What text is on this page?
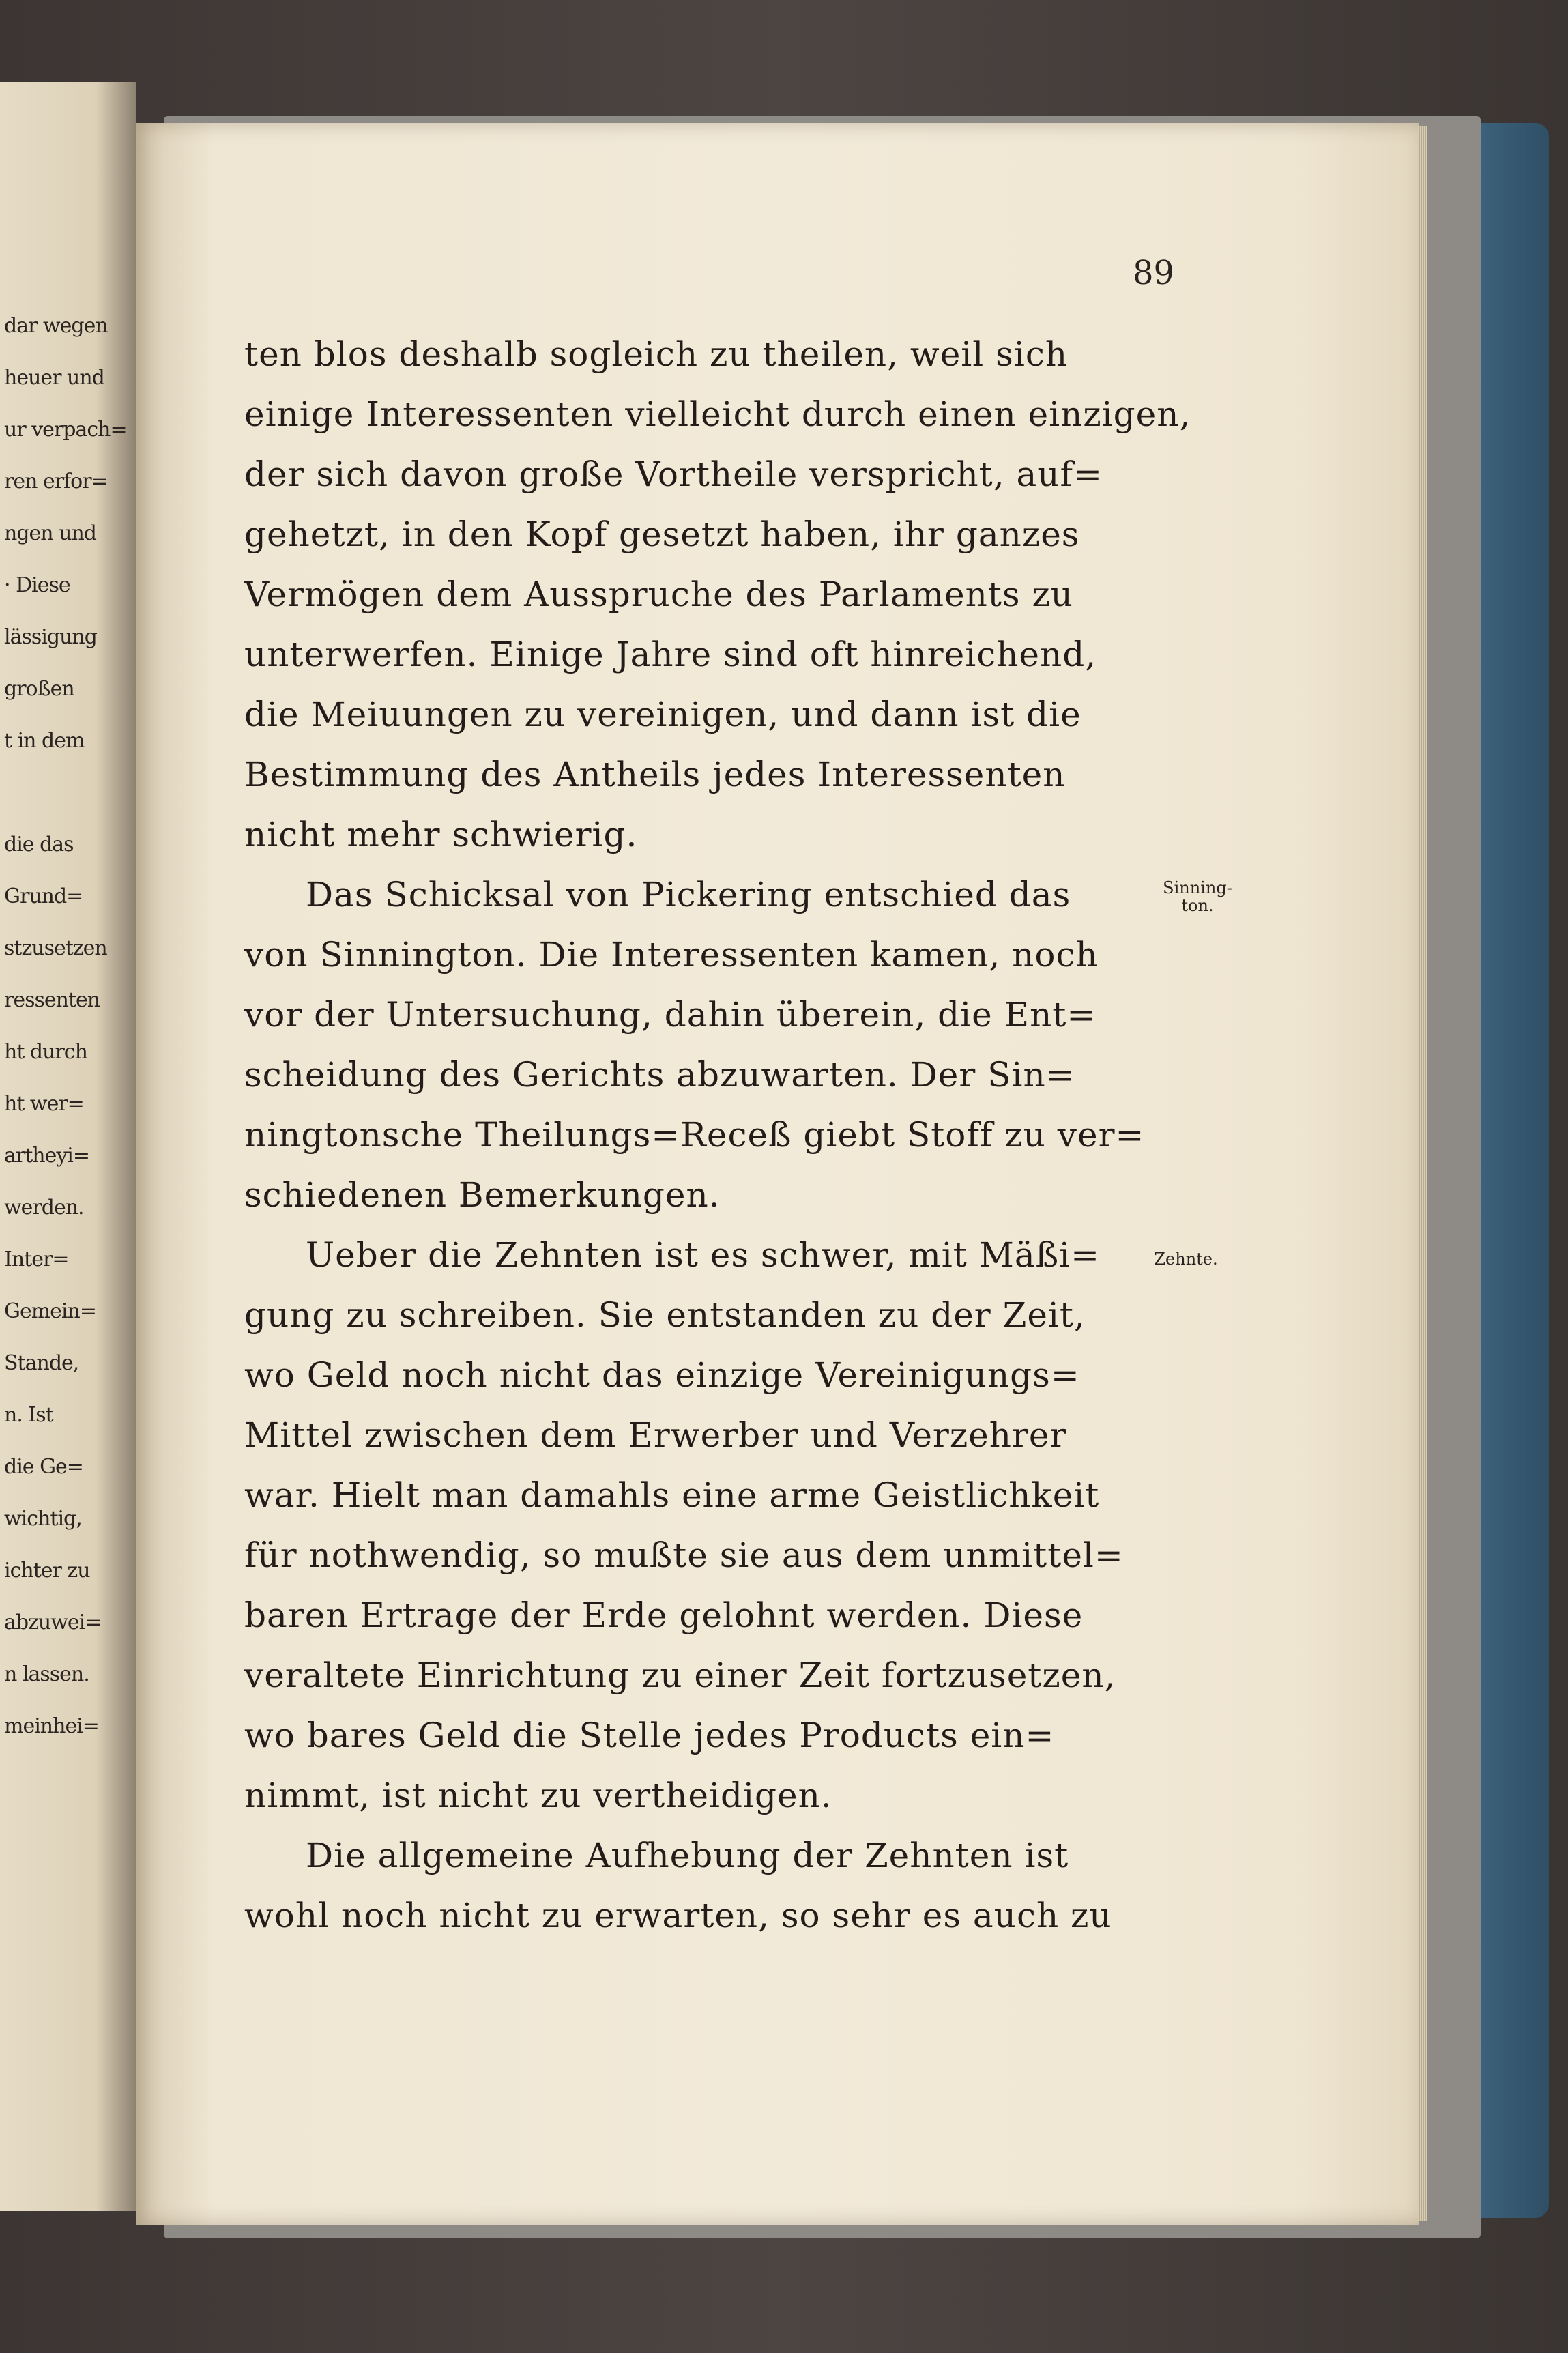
dar wegen
heuer und
ur verpach=
ren erfor=
ngen und
· Diese
lässigung
großen
t in dem
die das
Grund=
stzusetzen
ressenten
ht durch
ht wer=
artheyi=
werden.
Inter=
Gemein=
Stande,
n. Ist
die Ge=
wichtig,
ichter zu
abzuwei=
n lassen.
meinhei=
89
ten blos deshalb sogleich zu theilen, weil sich
einige Interessenten vielleicht durch einen einzigen,
der sich davon große Vortheile verspricht, auf=
gehetzt, in den Kopf gesetzt haben, ihr ganzes
Vermögen dem Ausspruche des Parlaments zu
unterwerfen. Einige Jahre sind oft hinreichend,
die Meiuungen zu vereinigen, und dann ist die
Bestimmung des Antheils jedes Interessenten
nicht mehr schwierig.
Das Schicksal von Pickering entschied das
von Sinnington. Die Interessenten kamen, noch
vor der Untersuchung, dahin überein, die Ent=
scheidung des Gerichts abzuwarten. Der Sin=
ningtonsche Theilungs=Receß giebt Stoff zu ver=
schiedenen Bemerkungen.
Ueber die Zehnten ist es schwer, mit Mäßi=
gung zu schreiben. Sie entstanden zu der Zeit,
wo Geld noch nicht das einzige Vereinigungs=
Mittel zwischen dem Erwerber und Verzehrer
war. Hielt man damahls eine arme Geistlichkeit
für nothwendig, so mußte sie aus dem unmittel=
baren Ertrage der Erde gelohnt werden. Diese
veraltete Einrichtung zu einer Zeit fortzusetzen,
wo bares Geld die Stelle jedes Products ein=
nimmt, ist nicht zu vertheidigen.
Die allgemeine Aufhebung der Zehnten ist
wohl noch nicht zu erwarten, so sehr es auch zu
Sinning-
ton.
Zehnte.
